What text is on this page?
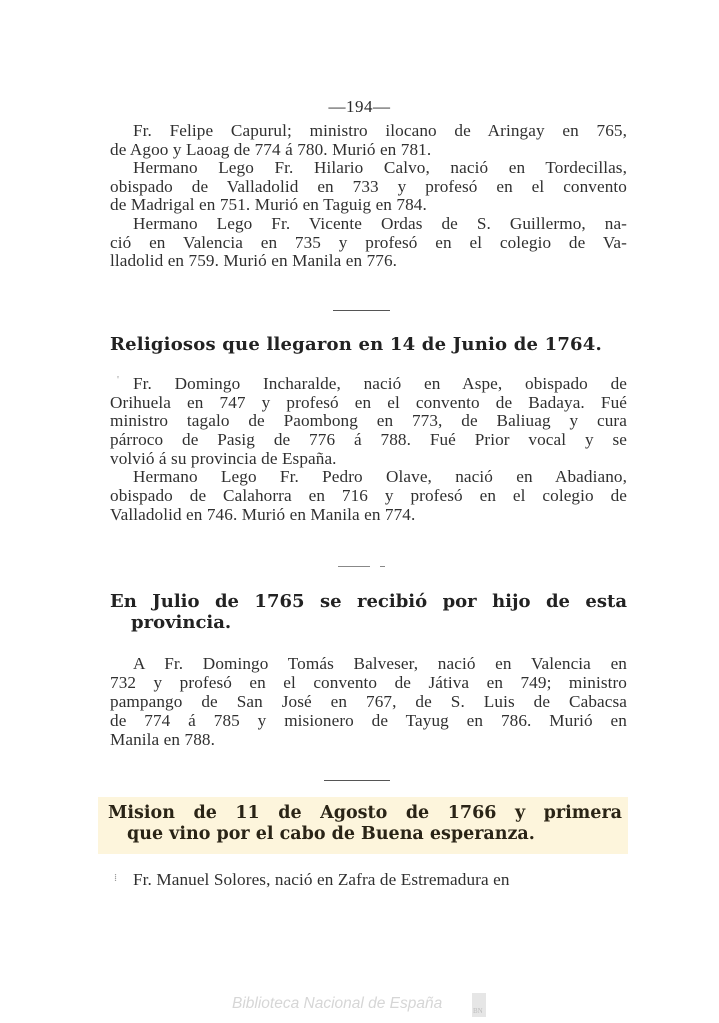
—194—
Fr. Felipe Capurul; ministro ilocano de Aringay en 765,
de Agoo y Laoag de 774 á 780. Murió en 781.
Hermano Lego Fr. Hilario Calvo, nació en Tordecillas,
obispado de Valladolid en 733 y profesó en el convento
de Madrigal en 751. Murió en Taguig en 784.
Hermano Lego Fr. Vicente Ordas de S. Guillermo, na-
ció en Valencia en 735 y profesó en el colegio de Va-
lladolid en 759. Murió en Manila en 776.
Religiosos que llegaron en 14 de Junio de 1764.
' Fr. Domingo Incharalde, nació en Aspe, obispado de
Orihuela en 747 y profesó en el convento de Badaya. Fué
ministro tagalo de Paombong en 773, de Baliuag y cura
párroco de Pasig de 776 á 788. Fué Prior vocal y se
volvió á su provincia de España.
Hermano Lego Fr. Pedro Olave, nació en Abadiano,
obispado de Calahorra en 716 y profesó en el colegio de
Valladolid en 746. Murió en Manila en 774.
En Julio de 1765 se recibió por hijo de esta
provincia.
A Fr. Domingo Tomás Balveser, nació en Valencia en
732 y profesó en el convento de Játiva en 749; ministro
pampango de San José en 767, de S. Luis de Cabacsa
de 774 á 785 y misionero de Tayug en 786. Murió en
Manila en 788.
Mision de 11 de Agosto de 1766 y primera
que vino por el cabo de Buena esperanza.
⁞ Fr. Manuel Solores, nació en Zafra de Estremadura en
Biblioteca Nacional de España	BN
